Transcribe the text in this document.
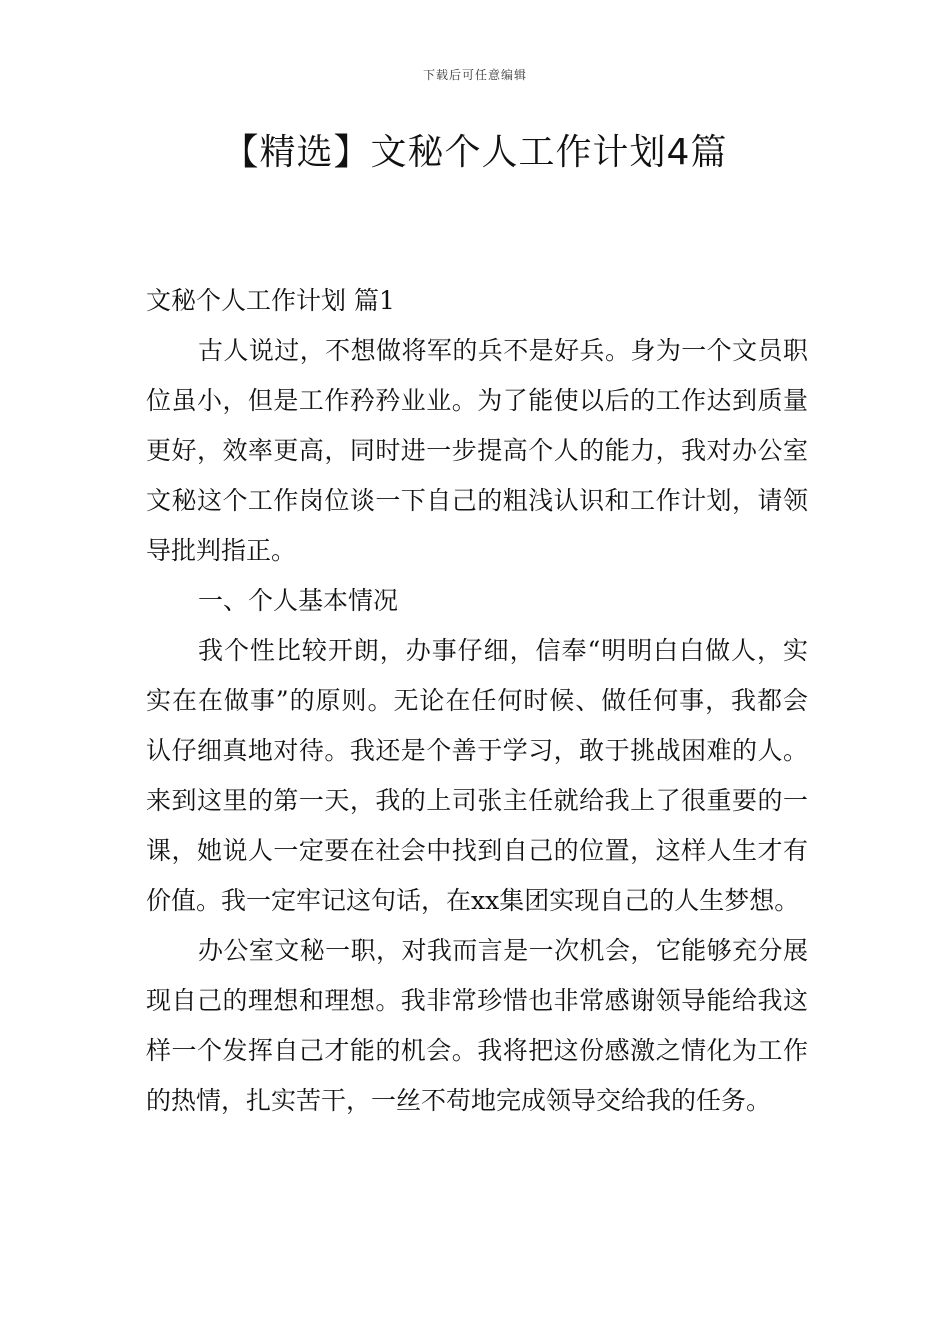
下载后可任意编辑
【精选】文秘个人工作计划4篇

文秘个人工作计划 篇1

古人说过，不想做将军的兵不是好兵。身为一个文员职位虽小，但是工作矜矜业业。为了能使以后的工作达到质量更好，效率更高，同时进一步提高个人的能力，我对办公室文秘这个工作岗位谈一下自己的粗浅认识和工作计划，请领导批判指正。

一、个人基本情况

我个性比较开朗，办事仔细，信奉“明明白白做人，实实在在做事”的原则。无论在任何时候、做任何事，我都会认仔细真地对待。我还是个善于学习，敢于挑战困难的人。来到这里的第一天，我的上司张主任就给我上了很重要的一课，她说人一定要在社会中找到自己的位置，这样人生才有价值。我一定牢记这句话，在xx集团实现自己的人生梦想。

办公室文秘一职，对我而言是一次机会，它能够充分展现自己的理想和理想。我非常珍惜也非常感谢领导能给我这样一个发挥自己才能的机会。我将把这份感激之情化为工作的热情，扎实苦干，一丝不苟地完成领导交给我的任务。
